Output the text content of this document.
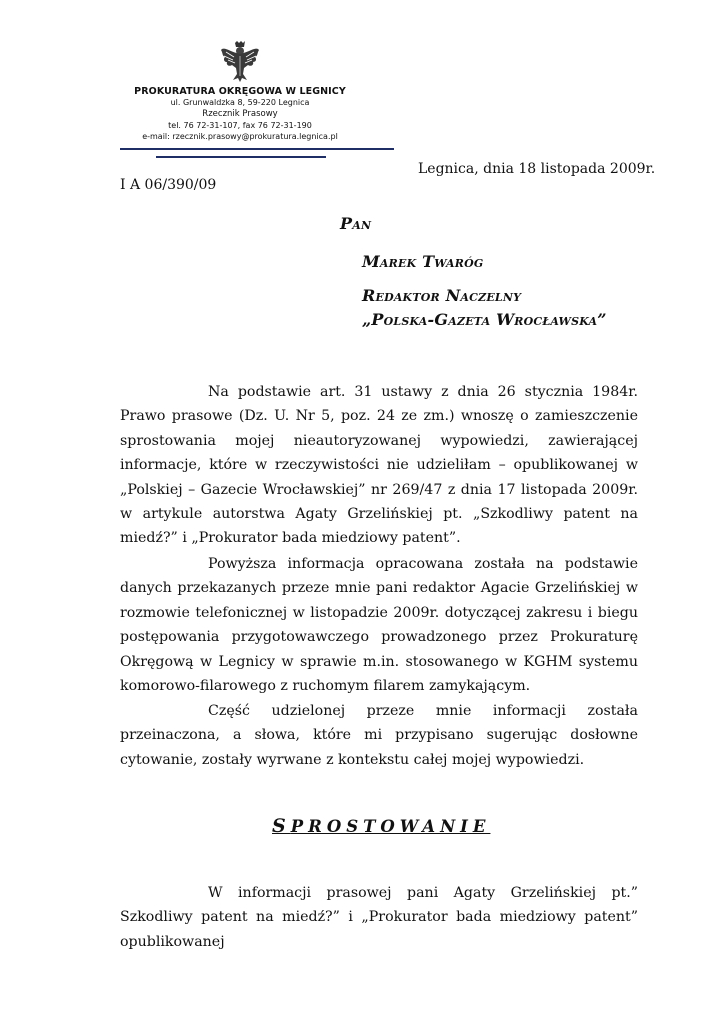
PROKURATURA OKRĘGOWA W LEGNICY
ul. Grunwaldzka 8, 59-220 Legnica
Rzecznik Prasowy
tel. 76 72-31-107, fax 76 72-31-190
e-mail: rzecznik.prasowy@prokuratura.legnica.pl
Legnica, dnia 18 listopada 2009r.
I A 06/390/09
Pan
Marek Twaróg
Redaktor Naczelny
„Polska-Gazeta Wrocławska”

Na podstawie art. 31 ustawy z dnia 26 stycznia 1984r. Prawo prasowe (Dz. U. Nr 5, poz. 24 ze zm.) wnoszę o zamieszczenie sprostowania mojej nieautoryzowanej wypowiedzi, zawierającej informacje, które w rzeczywistości nie udzieliłam – opublikowanej w „Polskiej – Gazecie Wrocławskiej” nr 269/47 z dnia 17 listopada 2009r. w artykule autorstwa Agaty Grzelińskiej pt. „Szkodliwy patent na miedź?” i „Prokurator bada miedziowy patent”.

Powyższa informacja opracowana została na podstawie danych przekazanych przeze mnie pani redaktor Agacie Grzelińskiej w rozmowie telefonicznej w listopadzie 2009r. dotyczącej zakresu i biegu postępowania przygotowawczego prowadzonego przez Prokuraturę Okręgową w Legnicy w sprawie m.in. stosowanego w KGHM systemu komorowo-filarowego z ruchomym filarem zamykającym.

Część udzielonej przeze mnie informacji została przeinaczona, a słowa, które mi przypisano sugerując dosłowne cytowanie, zostały wyrwane z kontekstu całej mojej wypowiedzi.

SPROSTOWANIE

W informacji prasowej pani Agaty Grzelińskiej pt.” Szkodliwy patent na miedź?” i „Prokurator bada miedziowy patent” opublikowanej
